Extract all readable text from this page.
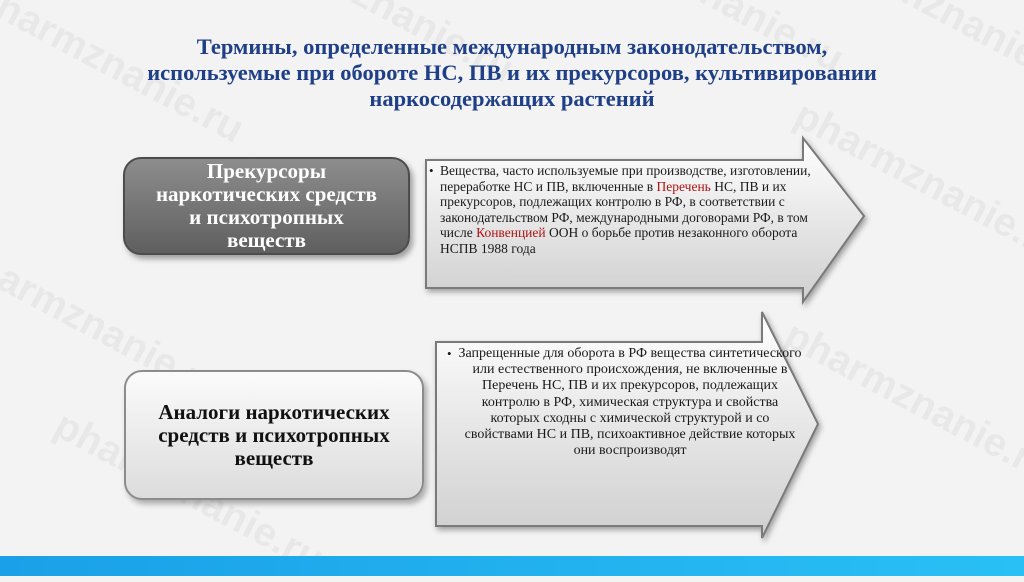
Термины, определенные международным законодательством,
используемые при обороте НС, ПВ и их прекурсоров, культивировании
наркосодержащих растений
Прекурсоры
наркотических средств
и психотропных
веществ
• Вещества, часто используемые при производстве, изготовлении, переработке НС и ПВ, включенные в Перечень НС, ПВ и их прекурсоров, подлежащих контролю в РФ, в соответствии с законодательством РФ, международными договорами РФ, в том числе Конвенцией ООН о борьбе против незаконного оборота НСПВ 1988 года
Аналоги наркотических
средств и психотропных
веществ
• Запрещенные для оборота в РФ вещества синтетического или естественного происхождения, не включенные в Перечень НС, ПВ и их прекурсоров, подлежащих контролю в РФ, химическая структура и свойства которых сходны с химической структурой и со свойствами НС и ПВ, психоактивное действие которых они воспроизводят
